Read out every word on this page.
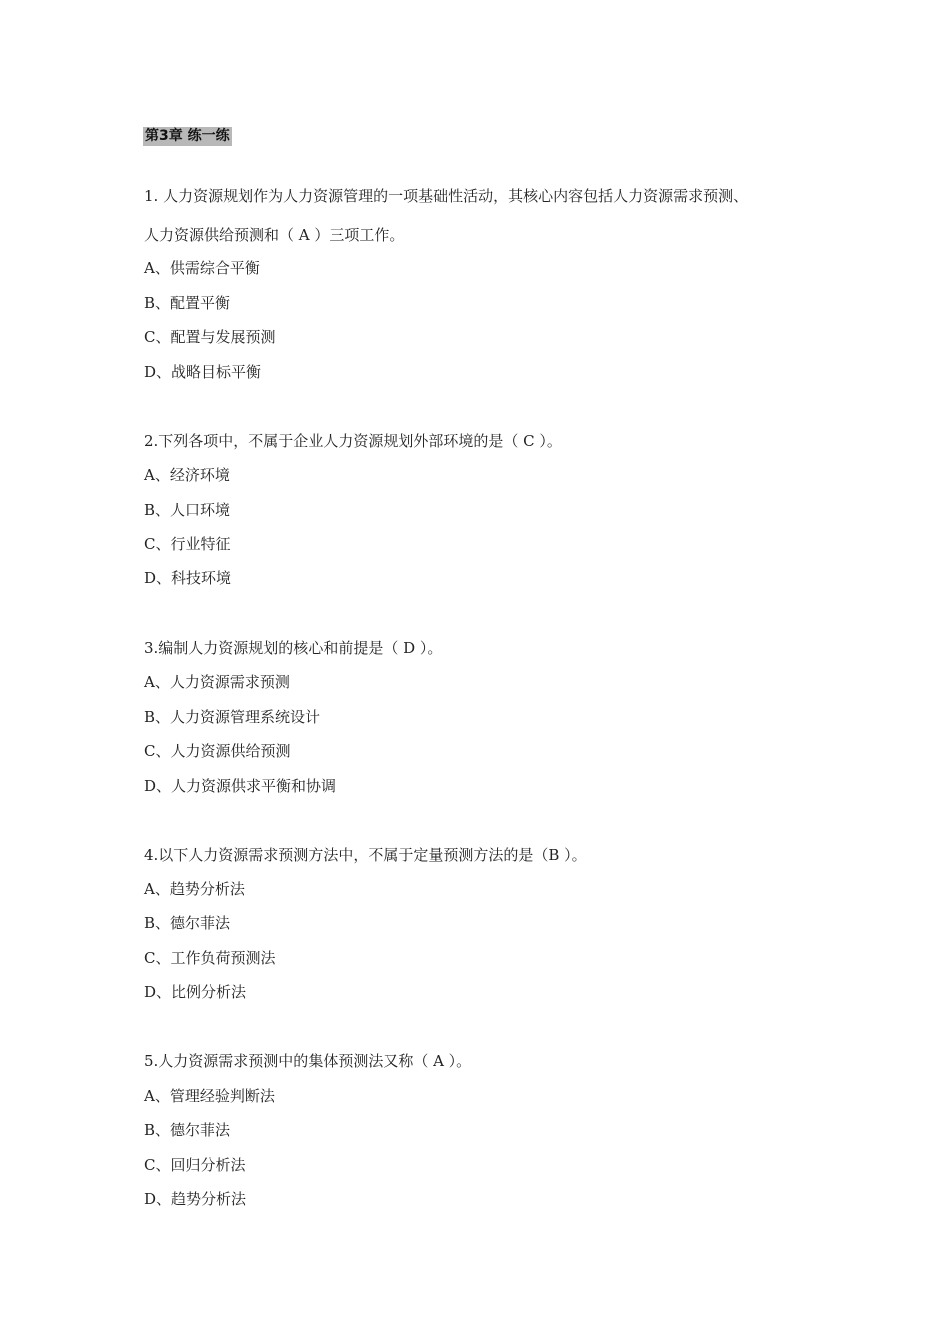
第3章 练一练
1. 人力资源规划作为人力资源管理的一项基础性活动，其核心内容包括人力资源需求预测、
人力资源供给预测和（ A ）三项工作。
A、供需综合平衡
B、配置平衡
C、配置与发展预测
D、战略目标平衡
2.下列各项中，不属于企业人力资源规划外部环境的是（ C ）。
A、经济环境
B、人口环境
C、行业特征
D、科技环境
3.编制人力资源规划的核心和前提是（ D ）。
A、人力资源需求预测
B、人力资源管理系统设计
C、人力资源供给预测
D、人力资源供求平衡和协调
4.以下人力资源需求预测方法中，不属于定量预测方法的是（B ）。
A、趋势分析法
B、德尔菲法
C、工作负荷预测法
D、比例分析法
5.人力资源需求预测中的集体预测法又称（ A ）。
A、管理经验判断法
B、德尔菲法
C、回归分析法
D、趋势分析法
